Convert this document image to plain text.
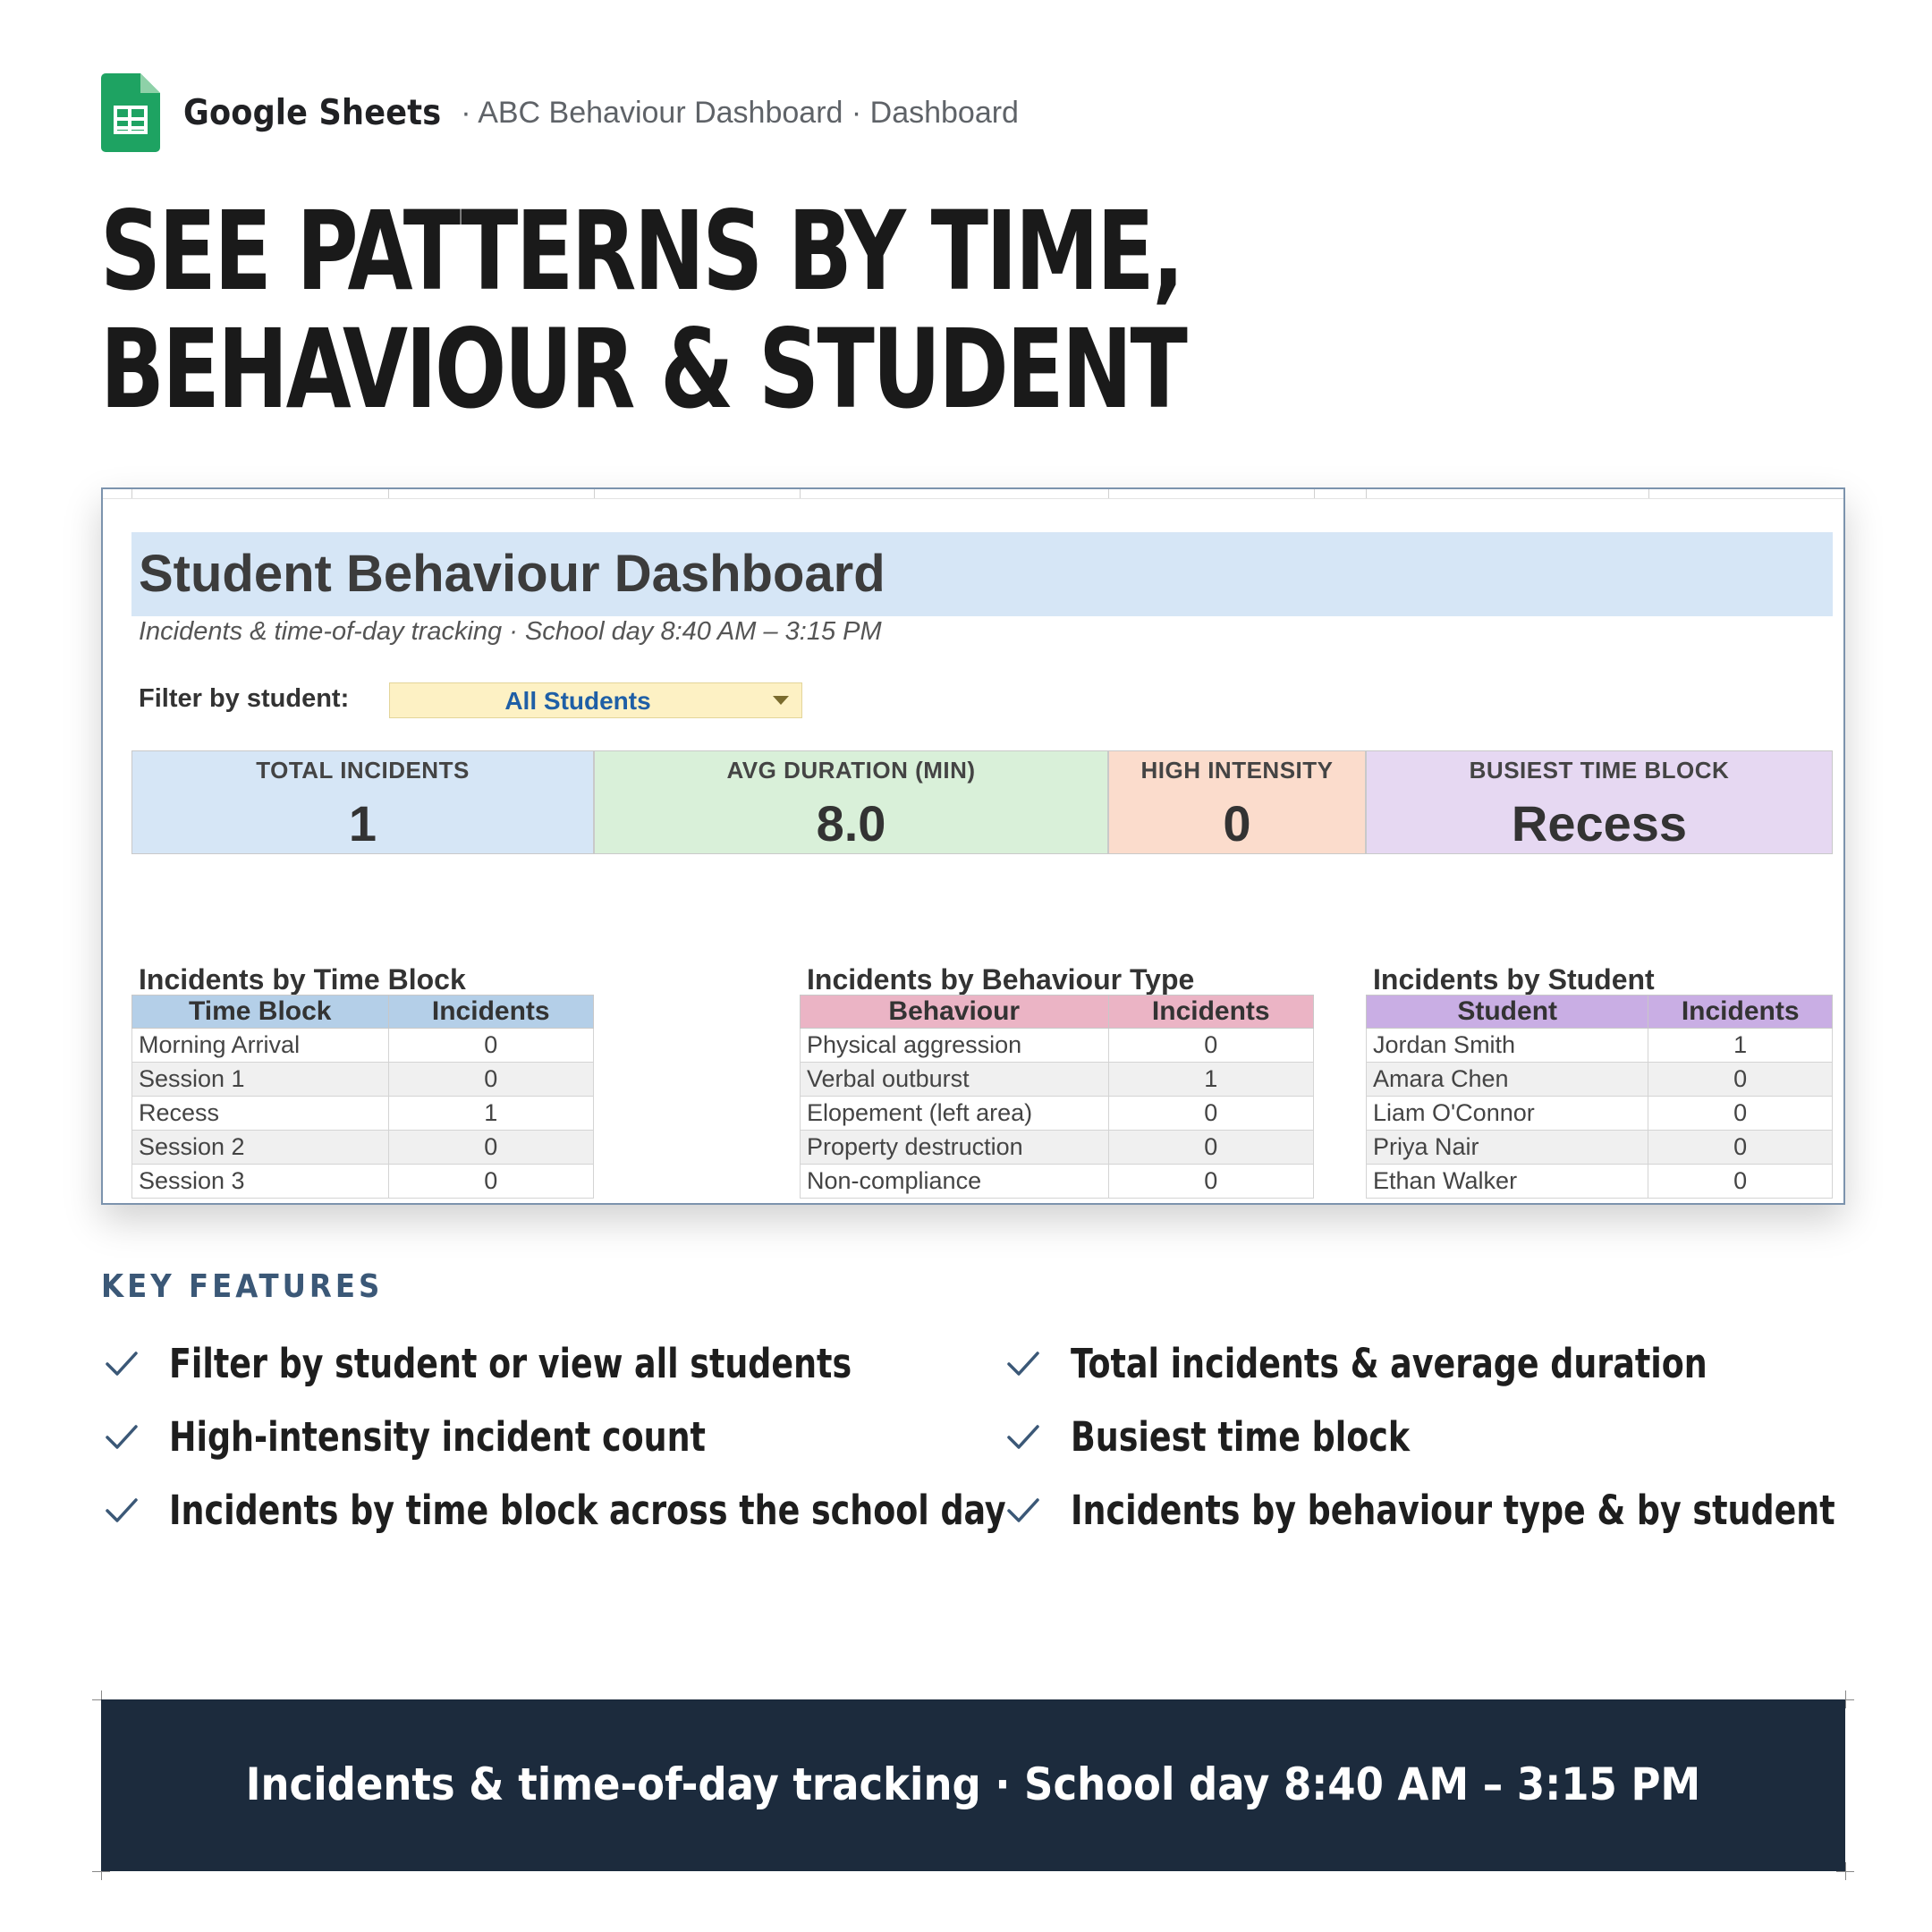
Google Sheets · ABC Behaviour Dashboard · Dashboard
SEE PATTERNS BY TIME,
BEHAVIOUR & STUDENT
Student Behaviour Dashboard
Incidents & time-of-day tracking · School day 8:40 AM – 3:15 PM
Filter by student:	All Students
TOTAL INCIDENTS
1
AVG DURATION (MIN)
8.0
HIGH INTENSITY
0
BUSIEST TIME BLOCK
Recess
Incidents by Time Block
Time Block	Incidents
Morning Arrival	0
Session 1	0
Recess	1
Session 2	0
Session 3	0
Incidents by Behaviour Type
Behaviour	Incidents
Physical aggression	0
Verbal outburst	1
Elopement (left area)	0
Property destruction	0
Non-compliance	0
Incidents by Student
Student	Incidents
Jordan Smith	1
Amara Chen	0
Liam O'Connor	0
Priya Nair	0
Ethan Walker	0
KEY FEATURES
Filter by student or view all students	Total incidents & average duration
High-intensity incident count	Busiest time block
Incidents by time block across the school day Incidents by behaviour type & by student
Incidents & time-of-day tracking · School day 8:40 AM – 3:15 PM
